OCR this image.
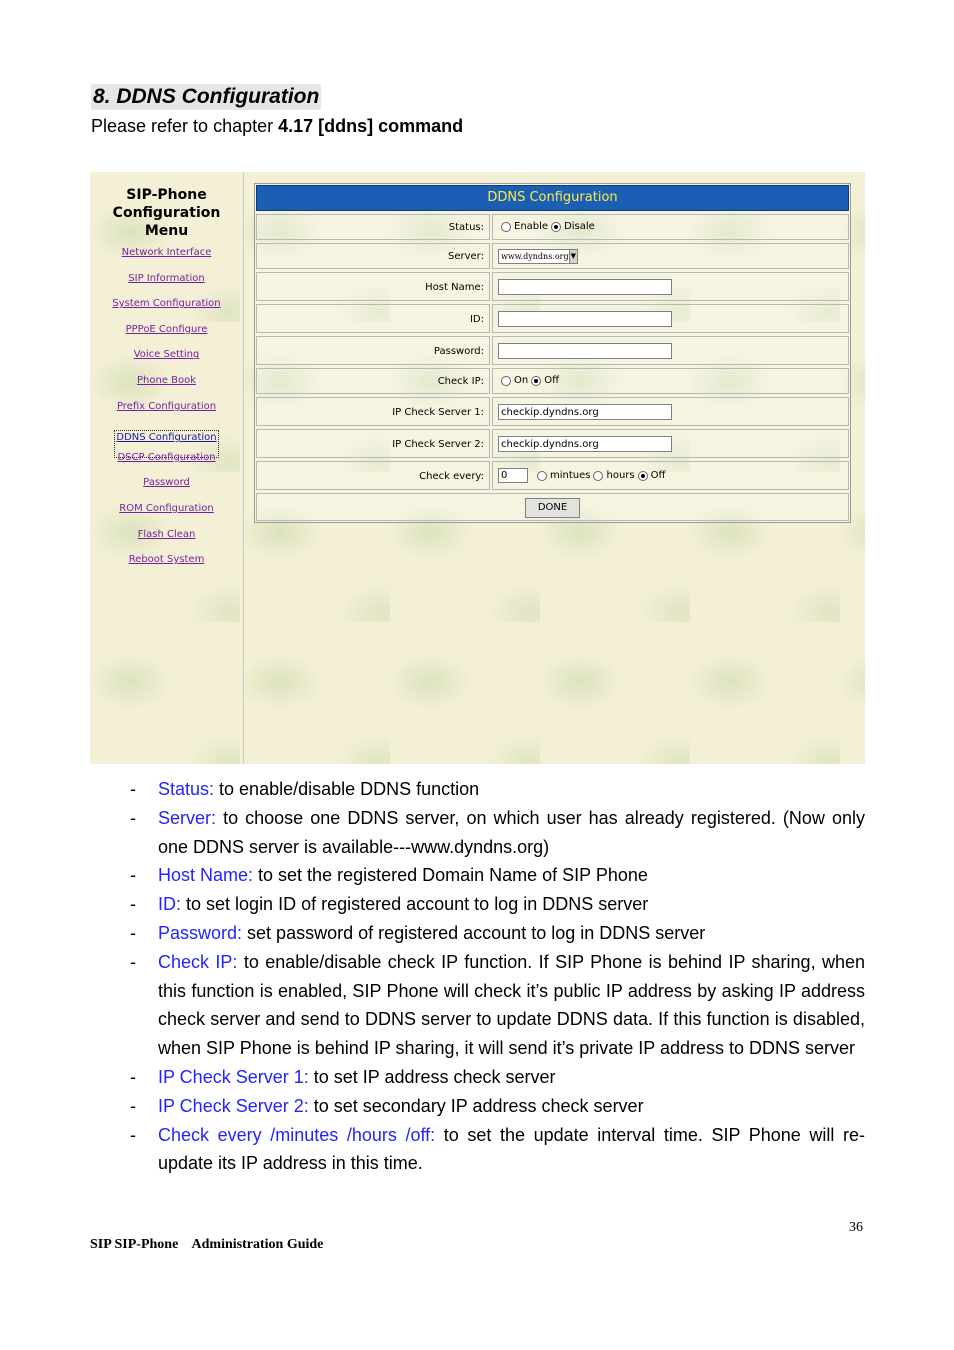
8. DDNS Configuration
Please refer to chapter 4.17 [ddns] command
SIP-Phone
Configuration
Menu
Network Interface
SIP Information
System Configuration
PPPoE Configure
Voice Setting
Phone Book
Prefix Configuration
DDNS Configuration
DSCP Configuration
Password
ROM Configuration
Flash Clean
Reboot System
DDNS Configuration
Status:	Enable Disale
Server:	www.dyndns.org ▼
Host Name:
ID:
Password:
Check IP:	On Off
IP Check Server 1:	checkip.dyndns.org
IP Check Server 2:	checkip.dyndns.org
Check every:	0	mintues hours Off
DONE
-	Status: to enable/disable DDNS function
-	Server: to choose one DDNS server, on which user has already registered. (Now only one DDNS server is available---www.dyndns.org)
-	Host Name: to set the registered Domain Name of SIP Phone
-	ID: to set login ID of registered account to log in DDNS server
-	Password: set password of registered account to log in DDNS server
-	Check IP: to enable/disable check IP function. If SIP Phone is behind IP sharing, when this function is enabled, SIP Phone will check it’s public IP address by asking IP address check server and send to DDNS server to update DDNS data. If this function is disabled, when SIP Phone is behind IP sharing, it will send it’s private IP address to DDNS server
-	IP Check Server 1: to set IP address check server
-	IP Check Server 2: to set secondary IP address check server
-	Check every /minutes /hours /off: to set the update interval time. SIP Phone will re-update its IP address in this time.
36
SIP SIP-Phone    Administration Guide
